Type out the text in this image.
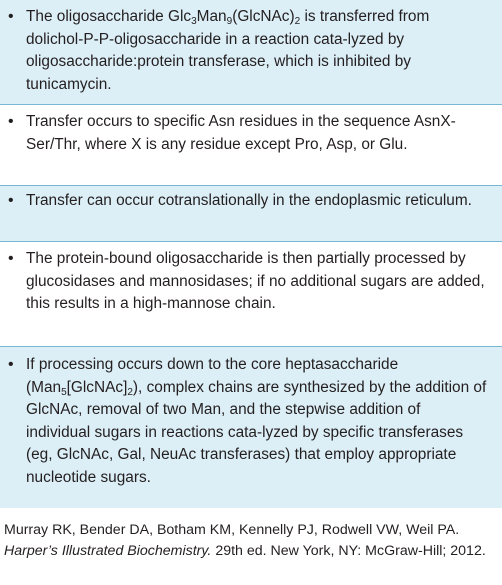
• The oligosaccharide $Glc_3Man_9(GlcNAc)_2$ is transferred from dolichol-P-P-oligosaccharide in a reaction cata-lyzed by oligosaccharide:protein transferase, which is inhibited by tunicamycin.
• Transfer occurs to specific Asn residues in the sequence AsnX-Ser/Thr, where X is any residue except Pro, Asp, or Glu.
• Transfer can occur cotranslationally in the endoplasmic reticulum.
• The protein-bound oligosaccharide is then partially processed by glucosidases and mannosidases; if no additional sugars are added, this results in a high-mannose chain.
• If processing occurs down to the core heptasaccharide $(Man_5[GlcNAc]_2)$, complex chains are synthesized by the addition of GlcNAc, removal of two Man, and the stepwise addition of individual sugars in reactions cata-lyzed by specific transferases (eg, GlcNAc, Gal, NeuAc transferases) that employ appropriate nucleotide sugars.
Murray RK, Bender DA, Botham KM, Kennelly PJ, Rodwell VW, Weil PA. Harper’s Illustrated Biochemistry. 29th ed. New York, NY: McGraw-Hill; 2012.
